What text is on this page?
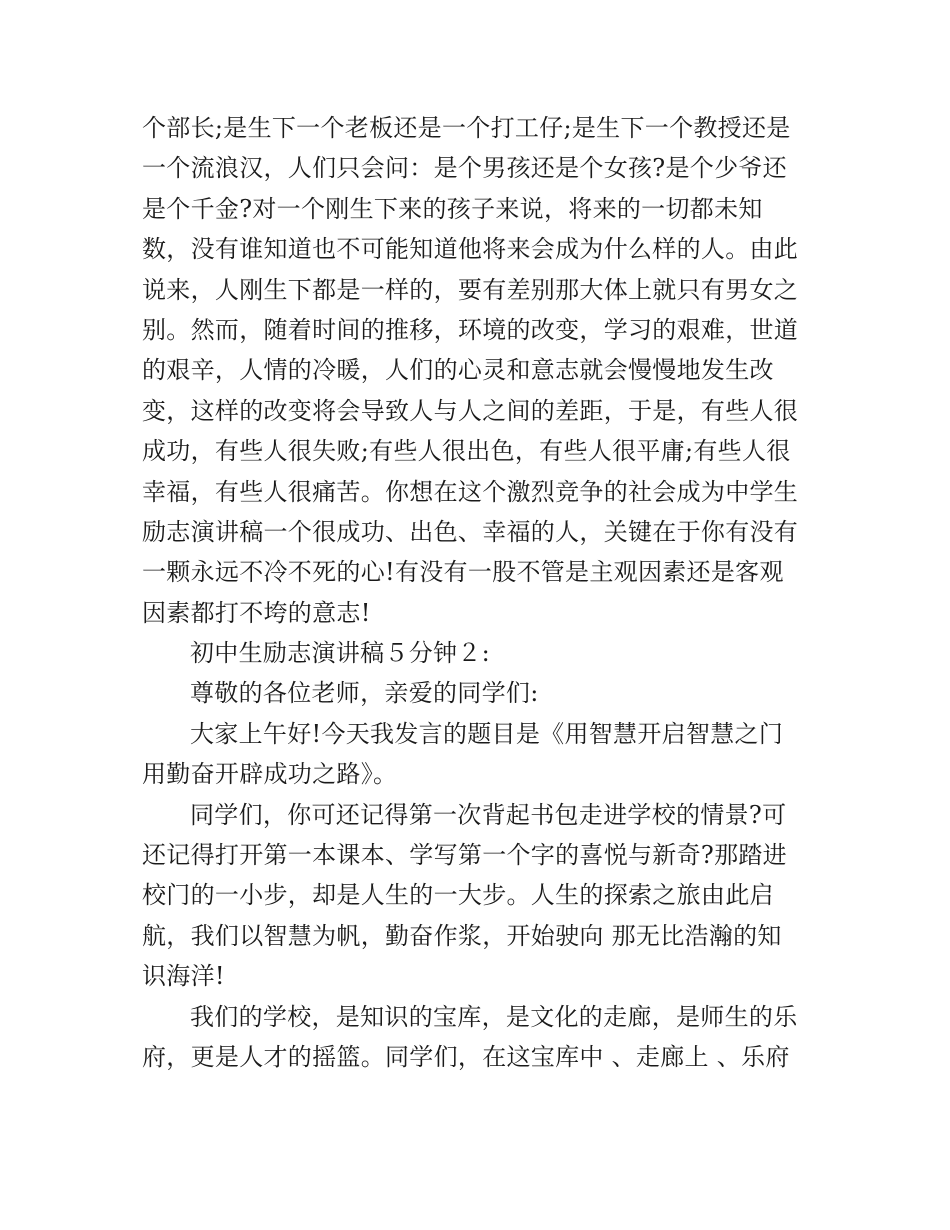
个部长;是生下一个老板还是一个打工仔;是生下一个教授还是
一个流浪汉，人们只会问：是个男孩还是个女孩?是个少爷还
是个千金?对一个刚生下来的孩子来说，将来的一切都未知
数，没有谁知道也不可能知道他将来会成为什么样的人。由此
说来，人刚生下都是一样的，要有差别那大体上就只有男女之
别。然而，随着时间的推移，环境的改变，学习的艰难，世道
的艰辛，人情的冷暖，人们的心灵和意志就会慢慢地发生改
变，这样的改变将会导致人与人之间的差距，于是，有些人很
成功，有些人很失败;有些人很出色，有些人很平庸;有些人很
幸福，有些人很痛苦。你想在这个激烈竞争的社会成为中学生
励志演讲稿一个很成功、出色、幸福的人，关键在于你有没有
一颗永远不冷不死的心!有没有一股不管是主观因素还是客观
因素都打不垮的意志!
初中生励志演讲稿５分钟２:
尊敬的各位老师，亲爱的同学们:
大家上午好!今天我发言的题目是《用智慧开启智慧之门
用勤奋开辟成功之路》。
同学们，你可还记得第一次背起书包走进学校的情景?可
还记得打开第一本课本、学写第一个字的喜悦与新奇?那踏进
校门的一小步，却是人生的一大步。人生的探索之旅由此启
航，我们以智慧为帆，勤奋作浆，开始驶向 那无比浩瀚的知
识海洋!
我们的学校，是知识的宝库，是文化的走廊，是师生的乐
府，更是人才的摇篮。同学们，在这宝库中 、走廊上 、乐府
